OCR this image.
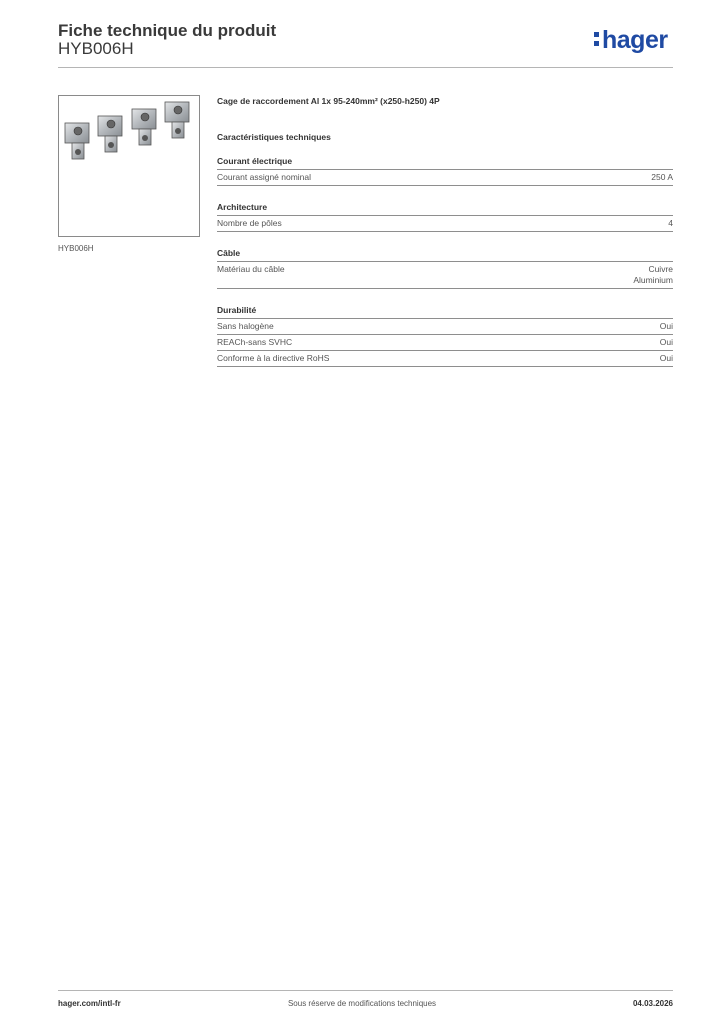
Fiche technique du produit
HYB006H	hager
HYB006H
Cage de raccordement Al 1x 95-240mm² (x250-h250) 4P
Caractéristiques techniques
Courant électrique
Courant assigné nominal	250 A
Architecture
Nombre de pôles	4
Câble
Matériau du câble	Cuivre
Aluminium
Durabilité
Sans halogène	Oui
REACh-sans SVHC	Oui
Conforme à la directive RoHS	Oui
hager.com/intl-fr	Sous réserve de modifications techniques	04.03.2026
